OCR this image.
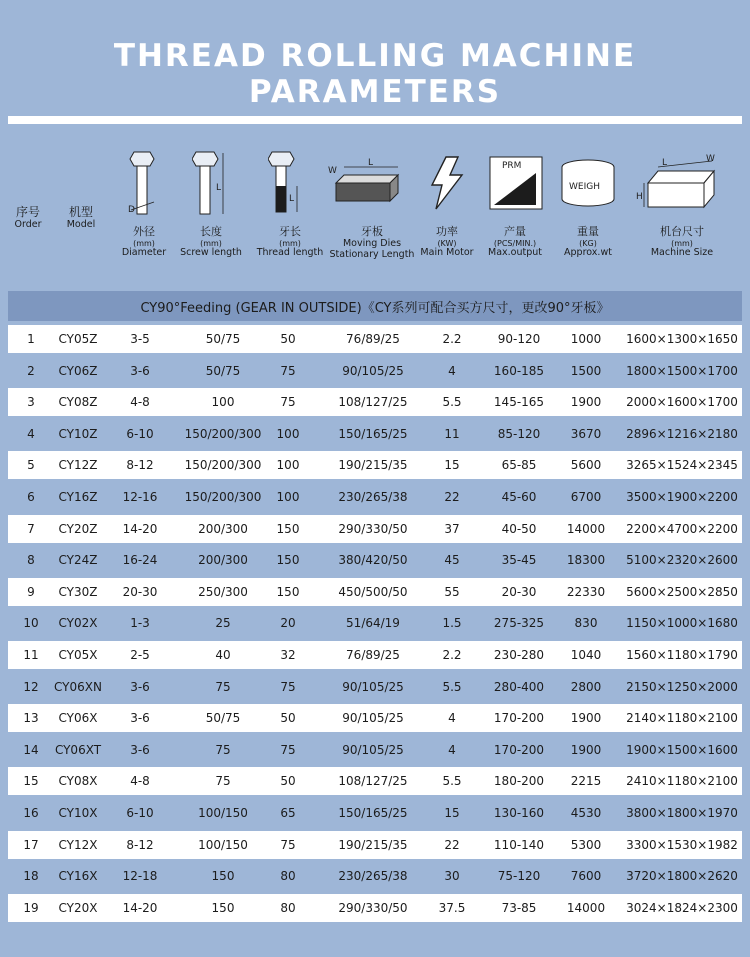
THREAD ROLLING MACHINE PARAMETERS
D
L
L
L
W	PRM
WEIGH
L	W
H
序号
Order
机型
Model
外径
(mm)
Diameter
长度
(mm)
Screw length
牙长
(mm)
Thread length
牙板
Moving Dies
Stationary Length
功率
(KW)
Main Motor
产量
(PCS/MIN.)
Max.output
重量
(KG)
Approx.wt
机台尺寸
(mm)
Machine Size
CY90°Feeding (GEAR IN OUTSIDE)《CY系列可配合买方尺寸，更改90°牙板》
1	CY05Z	3-5	50/75	50	76/89/25	2.2	90-120	1000	1600×1300×1650
2	CY06Z	3-6	50/75	75	90/105/25	4	160-185	1500	1800×1500×1700
3	CY08Z	4-8	100	75	108/127/25	5.5	145-165	1900	2000×1600×1700
4	CY10Z	6-10	150/200/300	100	150/165/25	11	85-120	3670	2896×1216×2180
5	CY12Z	8-12	150/200/300	100	190/215/35	15	65-85	5600	3265×1524×2345
6	CY16Z	12-16	150/200/300	100	230/265/38	22	45-60	6700	3500×1900×2200
7	CY20Z	14-20	200/300	150	290/330/50	37	40-50	14000	2200×4700×2200
8	CY24Z	16-24	200/300	150	380/420/50	45	35-45	18300	5100×2320×2600
9	CY30Z	20-30	250/300	150	450/500/50	55	20-30	22330	5600×2500×2850
10	CY02X	1-3	25	20	51/64/19	1.5	275-325	830	1150×1000×1680
11	CY05X	2-5	40	32	76/89/25	2.2	230-280	1040	1560×1180×1790
12	CY06XN	3-6	75	75	90/105/25	5.5	280-400	2800	2150×1250×2000
13	CY06X	3-6	50/75	50	90/105/25	4	170-200	1900	2140×1180×2100
14	CY06XT	3-6	75	75	90/105/25	4	170-200	1900	1900×1500×1600
15	CY08X	4-8	75	50	108/127/25	5.5	180-200	2215	2410×1180×2100
16	CY10X	6-10	100/150	65	150/165/25	15	130-160	4530	3800×1800×1970
17	CY12X	8-12	100/150	75	190/215/35	22	110-140	5300	3300×1530×1982
18	CY16X	12-18	150	80	230/265/38	30	75-120	7600	3720×1800×2620
19	CY20X	14-20	150	80	290/330/50	37.5	73-85	14000	3024×1824×2300
